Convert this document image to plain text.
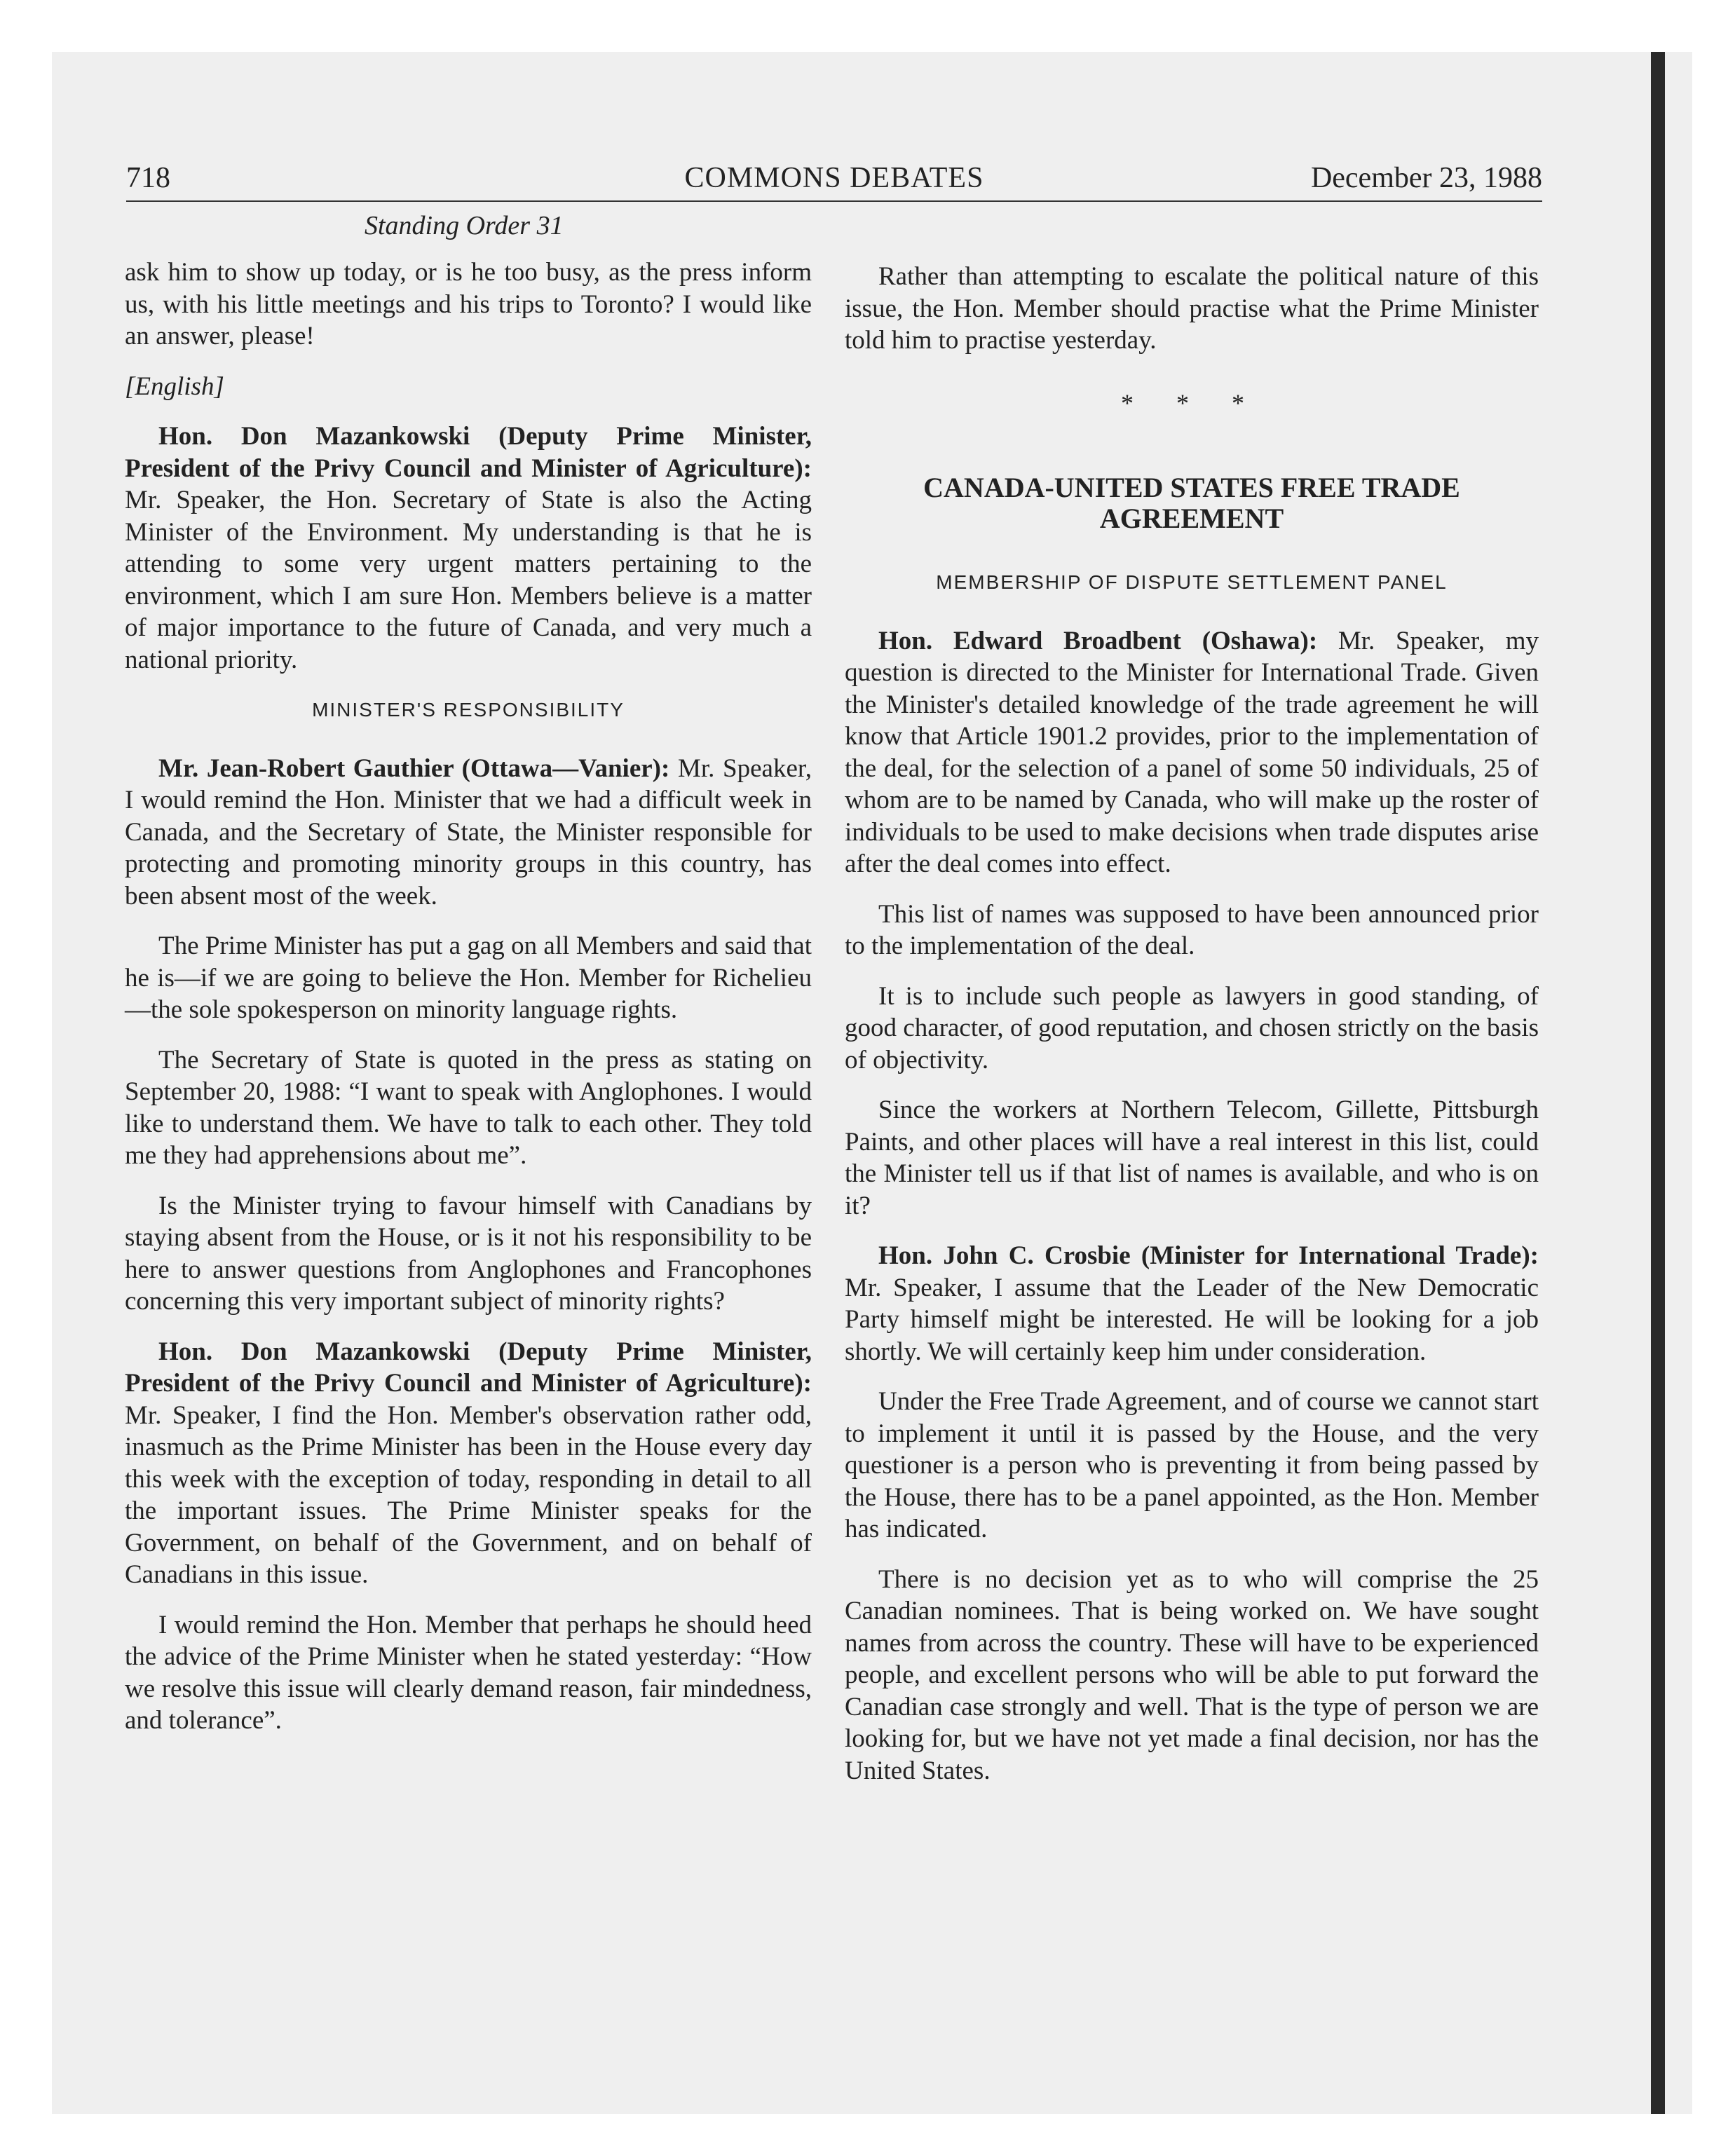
718	COMMONS DEBATES	December 23, 1988
Standing Order 31

ask him to show up today, or is he too busy, as the press inform us, with his little meetings and his trips to Toronto? I would like an answer, please!

[English]

Hon. Don Mazankowski (Deputy Prime Minister, President of the Privy Council and Minister of Agriculture): Mr. Speaker, the Hon. Secretary of State is also the Acting Minister of the Environment. My understanding is that he is attending to some very urgent matters pertaining to the environment, which I am sure Hon. Members believe is a matter of major importance to the future of Canada, and very much a national priority.

MINISTER'S RESPONSIBILITY

Mr. Jean-Robert Gauthier (Ottawa—Vanier): Mr. Speaker, I would remind the Hon. Minister that we had a difficult week in Canada, and the Secretary of State, the Minister responsible for protecting and promoting minority groups in this country, has been absent most of the week.

The Prime Minister has put a gag on all Members and said that he is—if we are going to believe the Hon. Member for Richelieu—the sole spokesperson on minority language rights.

The Secretary of State is quoted in the press as stating on September 20, 1988: “I want to speak with Anglophones. I would like to understand them. We have to talk to each other. They told me they had apprehensions about me”.

Is the Minister trying to favour himself with Canadians by staying absent from the House, or is it not his responsibility to be here to answer questions from Anglophones and Francophones concerning this very important subject of minority rights?

Hon. Don Mazankowski (Deputy Prime Minister, President of the Privy Council and Minister of Agriculture): Mr. Speaker, I find the Hon. Member's observation rather odd, inasmuch as the Prime Minister has been in the House every day this week with the exception of today, responding in detail to all the important issues. The Prime Minister speaks for the Government, on behalf of the Government, and on behalf of Canadians in this issue.

I would remind the Hon. Member that perhaps he should heed the advice of the Prime Minister when he stated yesterday: “How we resolve this issue will clearly demand reason, fair mindedness, and tolerance”.

Rather than attempting to escalate the political nature of this issue, the Hon. Member should practise what the Prime Minister told him to practise yesterday.

* * *
CANADA-UNITED STATES FREE TRADE AGREEMENT
MEMBERSHIP OF DISPUTE SETTLEMENT PANEL

Hon. Edward Broadbent (Oshawa): Mr. Speaker, my question is directed to the Minister for International Trade. Given the Minister's detailed knowledge of the trade agreement he will know that Article 1901.2 provides, prior to the implementation of the deal, for the selection of a panel of some 50 individuals, 25 of whom are to be named by Canada, who will make up the roster of individuals to be used to make decisions when trade disputes arise after the deal comes into effect.

This list of names was supposed to have been announced prior to the implementation of the deal.

It is to include such people as lawyers in good standing, of good character, of good reputation, and chosen strictly on the basis of objectivity.

Since the workers at Northern Telecom, Gillette, Pittsburgh Paints, and other places will have a real interest in this list, could the Minister tell us if that list of names is available, and who is on it?

Hon. John C. Crosbie (Minister for International Trade): Mr. Speaker, I assume that the Leader of the New Democratic Party himself might be interested. He will be looking for a job shortly. We will certainly keep him under consideration.

Under the Free Trade Agreement, and of course we cannot start to implement it until it is passed by the House, and the very questioner is a person who is preventing it from being passed by the House, there has to be a panel appointed, as the Hon. Member has indicated.

There is no decision yet as to who will comprise the 25 Canadian nominees. That is being worked on. We have sought names from across the country. These will have to be experienced people, and excellent persons who will be able to put forward the Canadian case strongly and well. That is the type of person we are looking for, but we have not yet made a final decision, nor has the United States.
